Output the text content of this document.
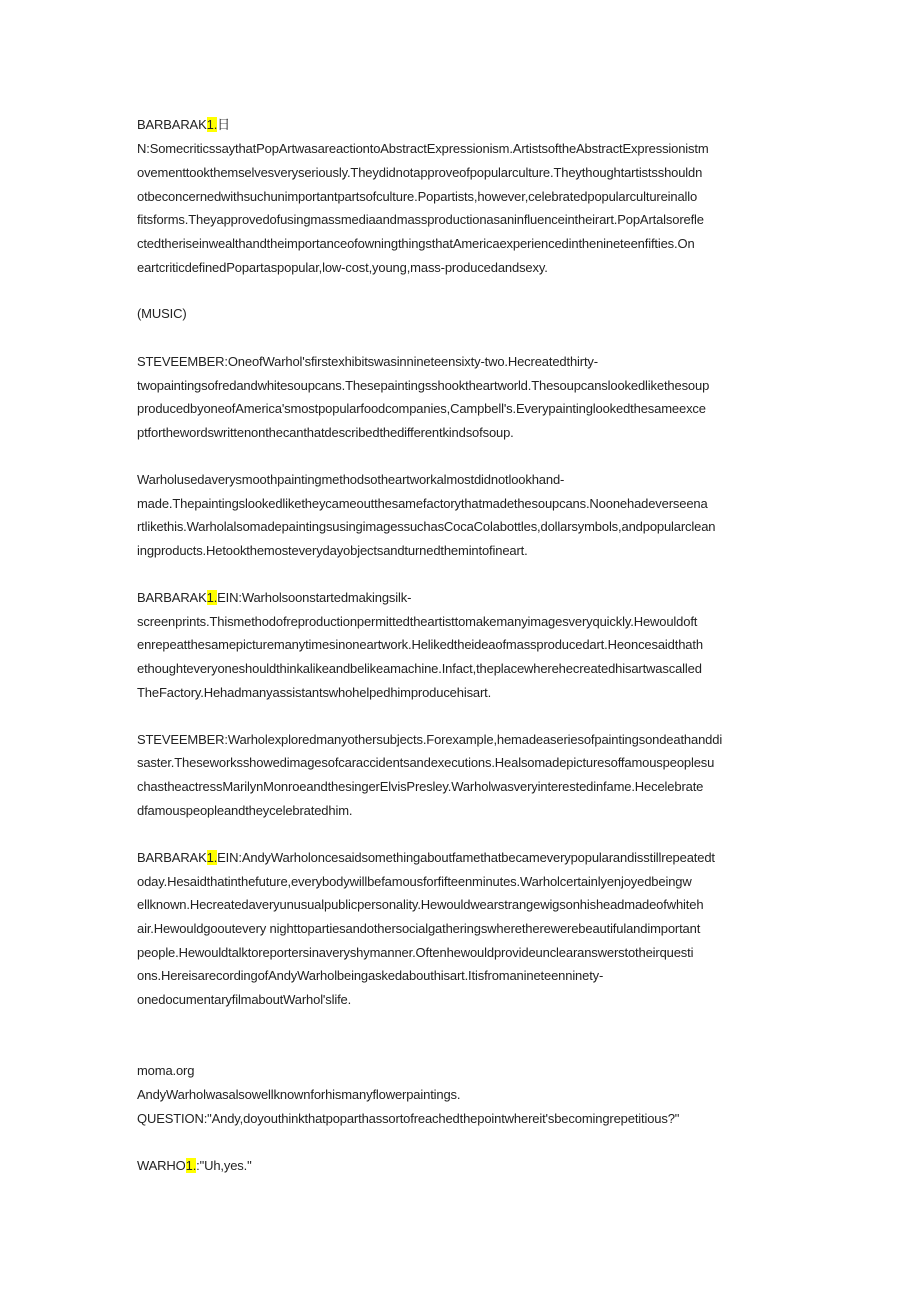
BARBARAK1.日
N:SomecriticssaythatPopArtwasareactiontoAbstractExpressionism.ArtistsoftheAbstractExpressionistm
ovementtookthemselvesveryseriously.Theydidnotapproveofpopularculture.Theythoughtartistsshouldn
otbeconcernedwithsuchunimportantpartsofculture.Popartists,however,celebratedpopularcultureinallo
fitsforms.Theyapprovedofusingmassmediaandmassproductionasaninfluenceintheirart.PopArtalsorefle
ctedtheriseinwealthandtheimportanceofowningthingsthatAmericaexperiencedinthenineteenfifties.On
eartcriticdefinedPopartaspopular,low-cost,young,mass-producedandsexy.
(MUSIC)
STEVEEMBER:OneofWarhol'sfirstexhibitswasinnineteensixty-two.Hecreatedthirty-
twopaintingsofredandwhitesoupcans.Thesepaintingsshooktheartworld.Thesoupcanslookedlikethesoup
producedbyoneofAmerica'smostpopularfoodcompanies,Campbell's.Everypaintinglookedthesameexce
ptforthewordswrittenonthecanthatdescribedthedifferentkindsofsoup.
Warholusedaverysmoothpaintingmethodsotheartworkalmostdidnotlookhand-
made.Thepaintingslookedliketheycameoutthesamefactorythatmadethesoupcans.Noonehadeverseena
rtlikethis.WarholalsomadepaintingsusingimagessuchasCocaColabottles,dollarsymbols,andpopularclean
ingproducts.Hetookthemosteverydayobjectsandturnedthemintofineart.
BARBARAK1.EIN:Warholsoonstartedmakingsilk-
screenprints.Thismethodofreproductionpermittedtheartisttomakemanyimagesveryquickly.Hewouldoft
enrepeatthesamepicturemanytimesinoneartwork.Helikedtheideaofmassproducedart.Heoncesaidthath
ethoughteveryoneshouldthinkalikeandbelikeamachine.Infact,theplacewherehecreatedhisartwascalled
TheFactory.Hehadmanyassistantswhohelpedhimproducehisart.
STEVEEMBER:Warholexploredmanyothersubjects.Forexample,hemadeaseriesofpaintingsondeathanddi
saster.Theseworksshowedimagesofcaraccidentsandexecutions.Healsomadepicturesoffamouspeoplesu
chastheactressMarilynMonroeandthesingerElvisPresley.Warholwasveryinterestedinfame.Hecelebrate
dfamouspeopleandtheycelebratedhim.
BARBARAK1.EIN:AndyWarholoncesaidsomethingaboutfamethatbecameverypopularandisstillrepeatedt
oday.Hesaidthatinthefuture,everybodywillbefamousforfifteenminutes.Warholcertainlyenjoyedbeingw
ellknown.Hecreatedaveryunusualpublicpersonality.Hewouldwearstrangewigsonhisheadmadeofwhiteh
air.Hewouldgooutevery nighttopartiesandothersocialgatheringswheretherewerebeautifulandimportant
people.Hewouldtalktoreportersinaveryshymanner.Oftenhewouldprovideunclearanswerstotheirquesti
ons.HereisarecordingofAndyWarholbeingaskedabouthisart.Itisfromanineteenninety-
onedocumentaryfilmaboutWarhol'slife.
moma.org
AndyWarholwasalsowellknownforhismanyflowerpaintings.
QUESTION:"Andy,doyouthinkthatpoparthassortofreachedthepointwhereit'sbecomingrepetitious?"
WARHO1.:"Uh,yes."
